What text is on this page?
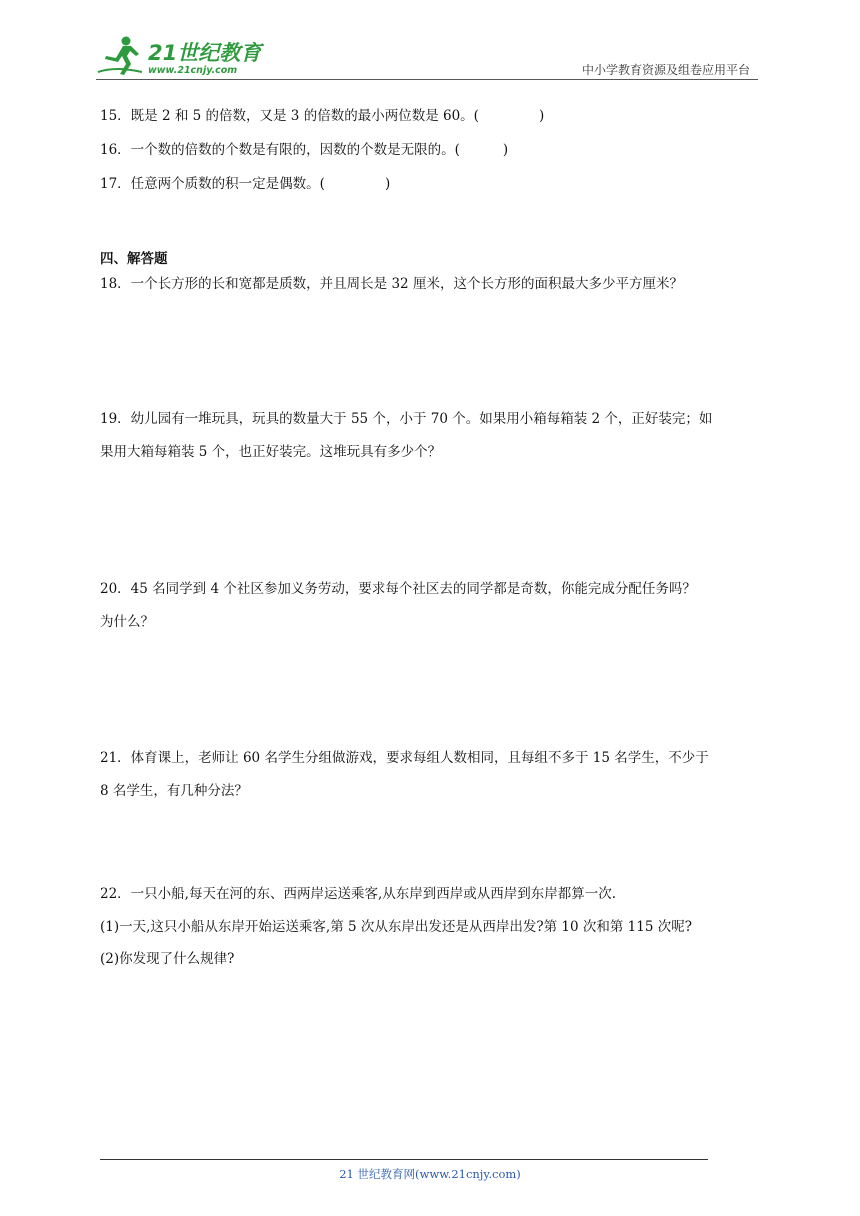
21世纪教育
www.21cnjy.com	中小学教育资源及组卷应用平台
15．既是 2 和 5 的倍数，又是 3 的倍数的最小两位数是 60。(              )
16．一个数的倍数的个数是有限的，因数的个数是无限的。(          )
17．任意两个质数的积一定是偶数。(              )
四、解答题
18．一个长方形的长和宽都是质数，并且周长是 32 厘米，这个长方形的面积最大多少平方厘米？
19．幼儿园有一堆玩具，玩具的数量大于 55 个，小于 70 个。如果用小箱每箱装 2 个，正好装完；如
果用大箱每箱装 5 个，也正好装完。这堆玩具有多少个？
20．45 名同学到 4 个社区参加义务劳动，要求每个社区去的同学都是奇数，你能完成分配任务吗？
为什么？
21．体育课上，老师让 60 名学生分组做游戏，要求每组人数相同，且每组不多于 15 名学生，不少于
8 名学生，有几种分法？
22．一只小船,每天在河的东、西两岸运送乘客,从东岸到西岸或从西岸到东岸都算一次.
(1)一天,这只小船从东岸开始运送乘客,第 5 次从东岸出发还是从西岸出发?第 10 次和第 115 次呢?
(2)你发现了什么规律?
21 世纪教育网(www.21cnjy.com)
